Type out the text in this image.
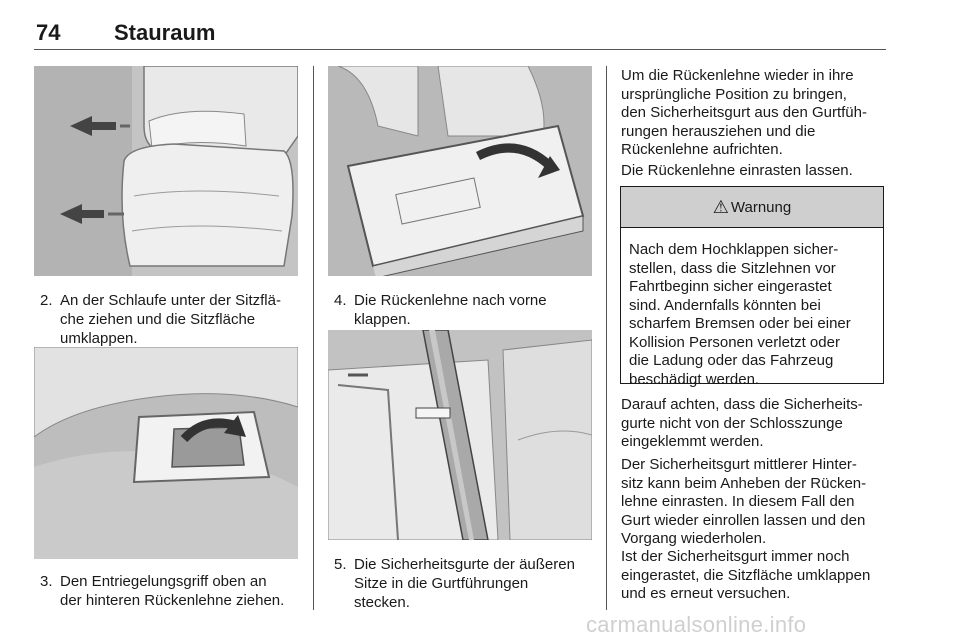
74 Stauraum
2. An der Schlaufe unter der Sitzflä-
che ziehen und die Sitzfläche
umklappen.
3. Den Entriegelungsgriff oben an
der hinteren Rückenlehne ziehen.
4. Die Rückenlehne nach vorne
klappen.
5. Die Sicherheitsgurte der äußeren
Sitze in die Gurtführungen
stecken.
Um die Rückenlehne wieder in ihre
ursprüngliche Position zu bringen,
den Sicherheitsgurt aus den Gurtfüh-
rungen herausziehen und die
Rückenlehne aufrichten.
Die Rückenlehne einrasten lassen.
⚠ Warnung
Nach dem Hochklappen sicher-
stellen, dass die Sitzlehnen vor
Fahrtbeginn sicher eingerastet
sind. Andernfalls könnten bei
scharfem Bremsen oder bei einer
Kollision Personen verletzt oder
die Ladung oder das Fahrzeug
beschädigt werden.
Darauf achten, dass die Sicherheits-
gurte nicht von der Schlosszunge
eingeklemmt werden.
Der Sicherheitsgurt mittlerer Hinter-
sitz kann beim Anheben der Rücken-
lehne einrasten. In diesem Fall den
Gurt wieder einrollen lassen und den
Vorgang wiederholen.
Ist der Sicherheitsgurt immer noch
eingerastet, die Sitzfläche umklappen
und es erneut versuchen.
carmanualsonline.info
